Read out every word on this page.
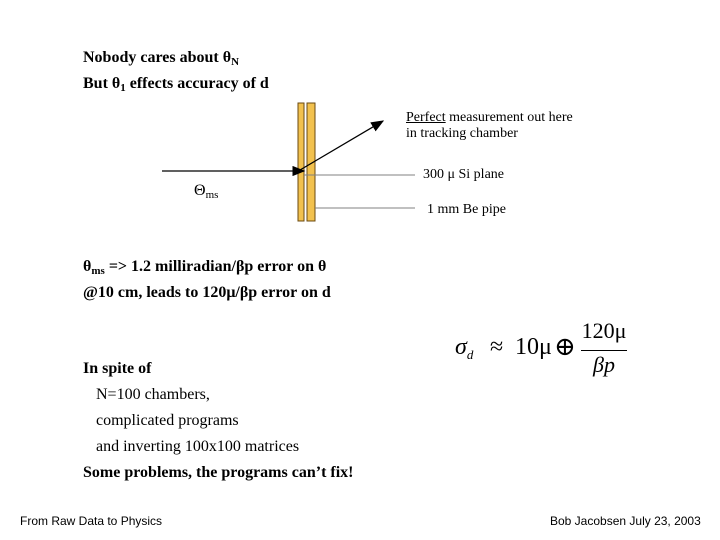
Nobody cares about $\theta_N$
But $\theta_1$ effects accuracy of d
Perfect measurement out here
in tracking chamber
$\Theta_{ms}$
300 μ Si plane
1 mm Be pipe
$\theta_{ms} => 1.2$ milliradian/βp error on θ
@10 cm, leads to 120μ/βp error on d
$\sigma_d \approx 10\mu$ ⊕
120μ
βp
In spite of
N=100 chambers,
complicated programs
and inverting 100x100 matrices
Some problems, the programs can’t fix!
From Raw Data to Physics	Bob Jacobsen July 23, 2003
